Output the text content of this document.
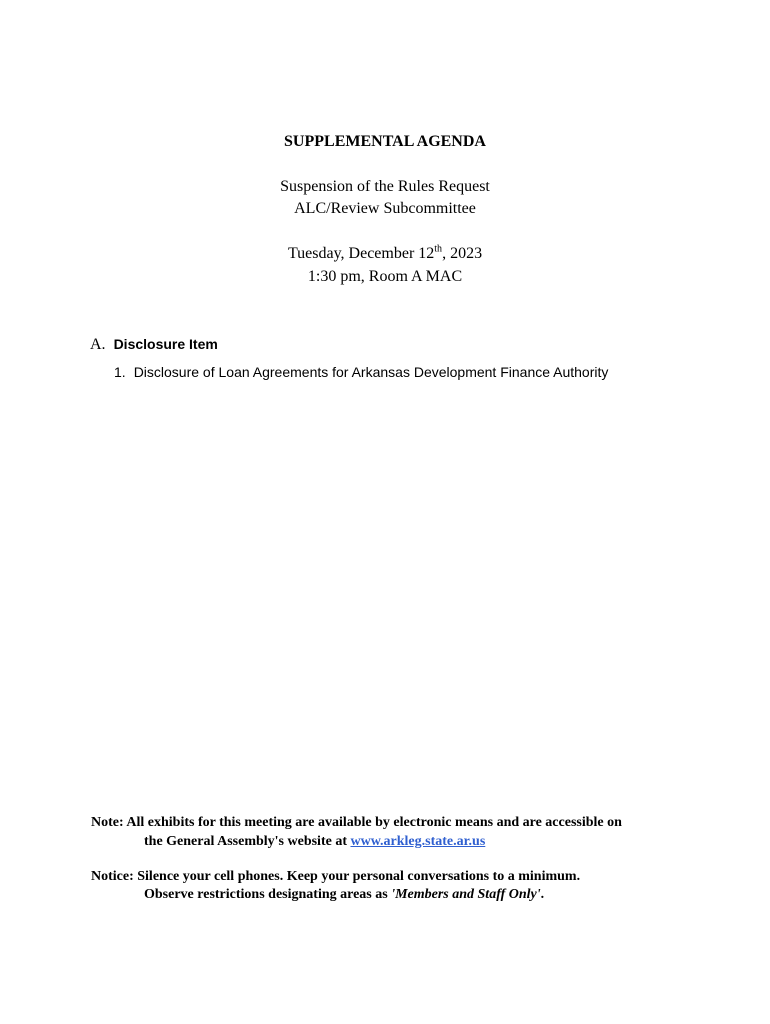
SUPPLEMENTAL AGENDA
Suspension of the Rules Request
ALC/Review Subcommittee
Tuesday, December 12th, 2023
1:30 pm, Room A MAC
A. Disclosure Item
1. Disclosure of Loan Agreements for Arkansas Development Finance Authority
Note: All exhibits for this meeting are available by electronic means and are accessible on
the General Assembly's website at www.arkleg.state.ar.us
Notice: Silence your cell phones. Keep your personal conversations to a minimum.
Observe restrictions designating areas as 'Members and Staff Only'.
